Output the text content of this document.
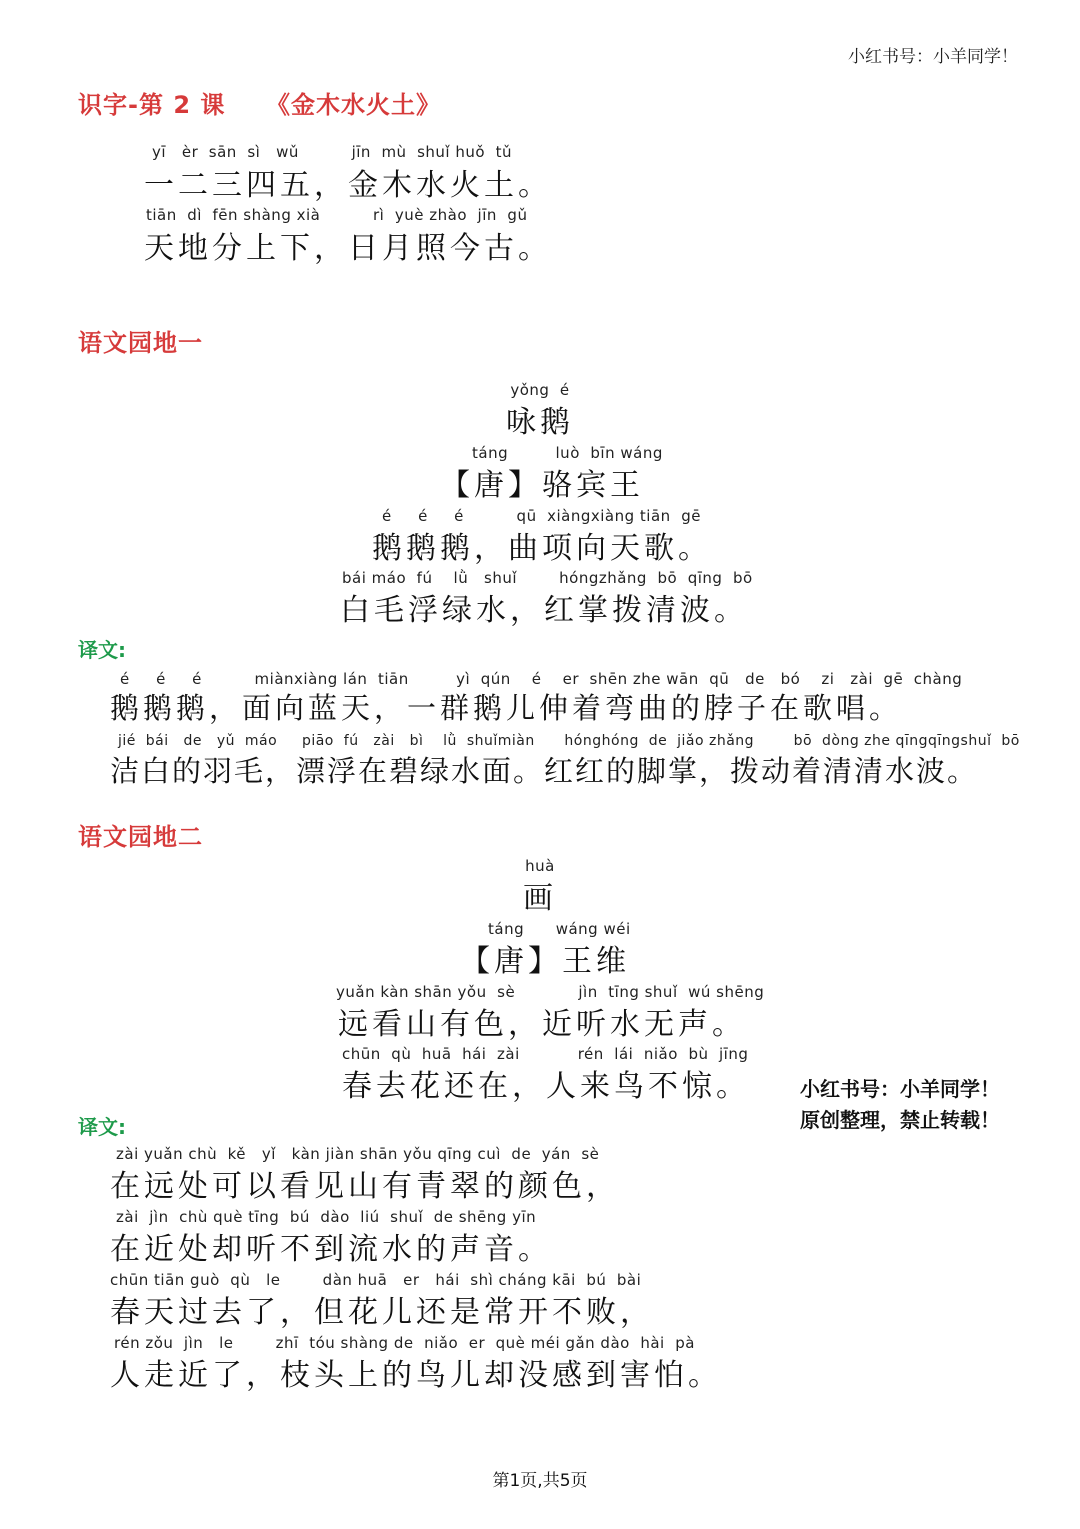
小红书号：小羊同学！
识字-第 2 课 《金木水火土》
yī   èr  sān  sì   wǔ          jīn  mù  shuǐ huǒ  tǔ
一二三四五，金木水火土。
tiān  dì  fēn shàng xià          rì  yuè zhào  jīn  gǔ
天地分上下，日月照今古。
语文园地一
yǒng  é
咏鹅
táng         luò  bīn wáng
【唐】骆宾王
é     é     é          qū  xiàngxiàng tiān  gē
鹅鹅鹅，曲项向天歌。
bái máo  fú    lǜ   shuǐ        hóngzhǎng  bō  qīng  bō
白毛浮绿水，红掌拨清波。
译文:
é     é     é          miànxiàng lán  tiān         yì  qún    é    er  shēn zhe wān  qū   de   bó    zi   zài  gē  chàng
鹅鹅鹅，面向蓝天，一群鹅儿伸着弯曲的脖子在歌唱。
jié  bái   de   yǔ  máo     piāo  fú   zài   bì    lǜ  shuǐmiàn      hónghóng  de  jiǎo zhǎng        bō  dòng zhe qīngqīngshuǐ  bō
洁白的羽毛，漂浮在碧绿水面。红红的脚掌，拨动着清清水波。
语文园地二
huà
画
táng      wáng wéi
【唐】王维
yuǎn kàn shān yǒu  sè            jìn  tīng shuǐ  wú shēng
远看山有色，近听水无声。
chūn  qù  huā  hái  zài           rén  lái  niǎo  bù  jīng
春去花还在，人来鸟不惊。	小红书号：小羊同学！
原创整理，禁止转载！
译文:
zài yuǎn chù  kě   yǐ   kàn jiàn shān yǒu qīng cuì  de  yán  sè
在远处可以看见山有青翠的颜色，
zài  jìn  chù què tīng  bú  dào  liú  shuǐ  de shēng yīn
在近处却听不到流水的声音。
chūn tiān guò  qù   le        dàn huā   er   hái  shì cháng kāi  bú  bài
春天过去了，但花儿还是常开不败，
rén zǒu  jìn   le        zhī  tóu shàng de  niǎo  er  què méi gǎn dào  hài  pà
人走近了，枝头上的鸟儿却没感到害怕。
第1页,共5页
